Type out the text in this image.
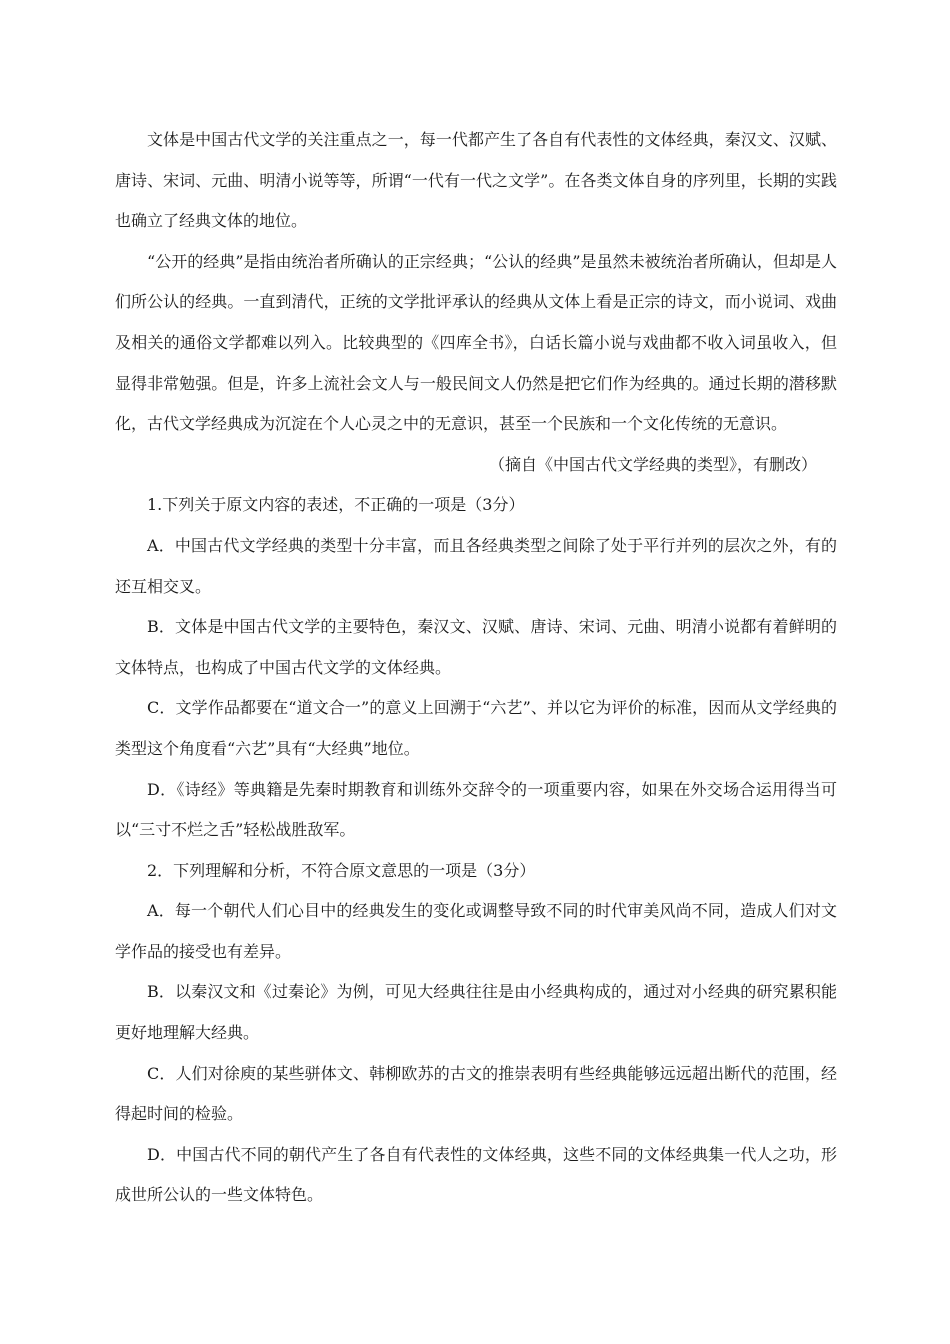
文体是中国古代文学的关注重点之一，每一代都产生了各自有代表性的文体经典，秦汉文、汉赋、唐诗、宋词、元曲、明清小说等等，所谓“一代有一代之文学”。在各类文体自身的序列里，长期的实践也确立了经典文体的地位。

“公开的经典”是指由统治者所确认的正宗经典；“公认的经典”是虽然未被统治者所确认，但却是人们所公认的经典。一直到清代，正统的文学批评承认的经典从文体上看是正宗的诗文，而小说词、戏曲及相关的通俗文学都难以列入。比较典型的《四库全书》，白话长篇小说与戏曲都不收入词虽收入，但显得非常勉强。但是，许多上流社会文人与一般民间文人仍然是把它们作为经典的。通过长期的潜移默化，古代文学经典成为沉淀在个人心灵之中的无意识，甚至一个民族和一个文化传统的无意识。

（摘自《中国古代文学经典的类型》，有删改）

1.下列关于原文内容的表述，不正确的一项是（3分）

A．中国古代文学经典的类型十分丰富，而且各经典类型之间除了处于平行并列的层次之外，有的还互相交叉。

B．文体是中国古代文学的主要特色，秦汉文、汉赋、唐诗、宋词、元曲、明清小说都有着鲜明的文体特点，也构成了中国古代文学的文体经典。

C．文学作品都要在“道文合一”的意义上回溯于“六艺”、并以它为评价的标准，因而从文学经典的类型这个角度看“六艺”具有“大经典”地位。

D．《诗经》等典籍是先秦时期教育和训练外交辞令的一项重要内容，如果在外交场合运用得当可以“三寸不烂之舌”轻松战胜敌军。

2．下列理解和分析，不符合原文意思的一项是（3分）

A．每一个朝代人们心目中的经典发生的变化或调整导致不同的时代审美风尚不同，造成人们对文学作品的接受也有差异。

B．以秦汉文和《过秦论》为例，可见大经典往往是由小经典构成的，通过对小经典的研究累积能更好地理解大经典。

C．人们对徐庾的某些骈体文、韩柳欧苏的古文的推崇表明有些经典能够远远超出断代的范围，经得起时间的检验。

D．中国古代不同的朝代产生了各自有代表性的文体经典，这些不同的文体经典集一代人之功，形成世所公认的一些文体特色。
